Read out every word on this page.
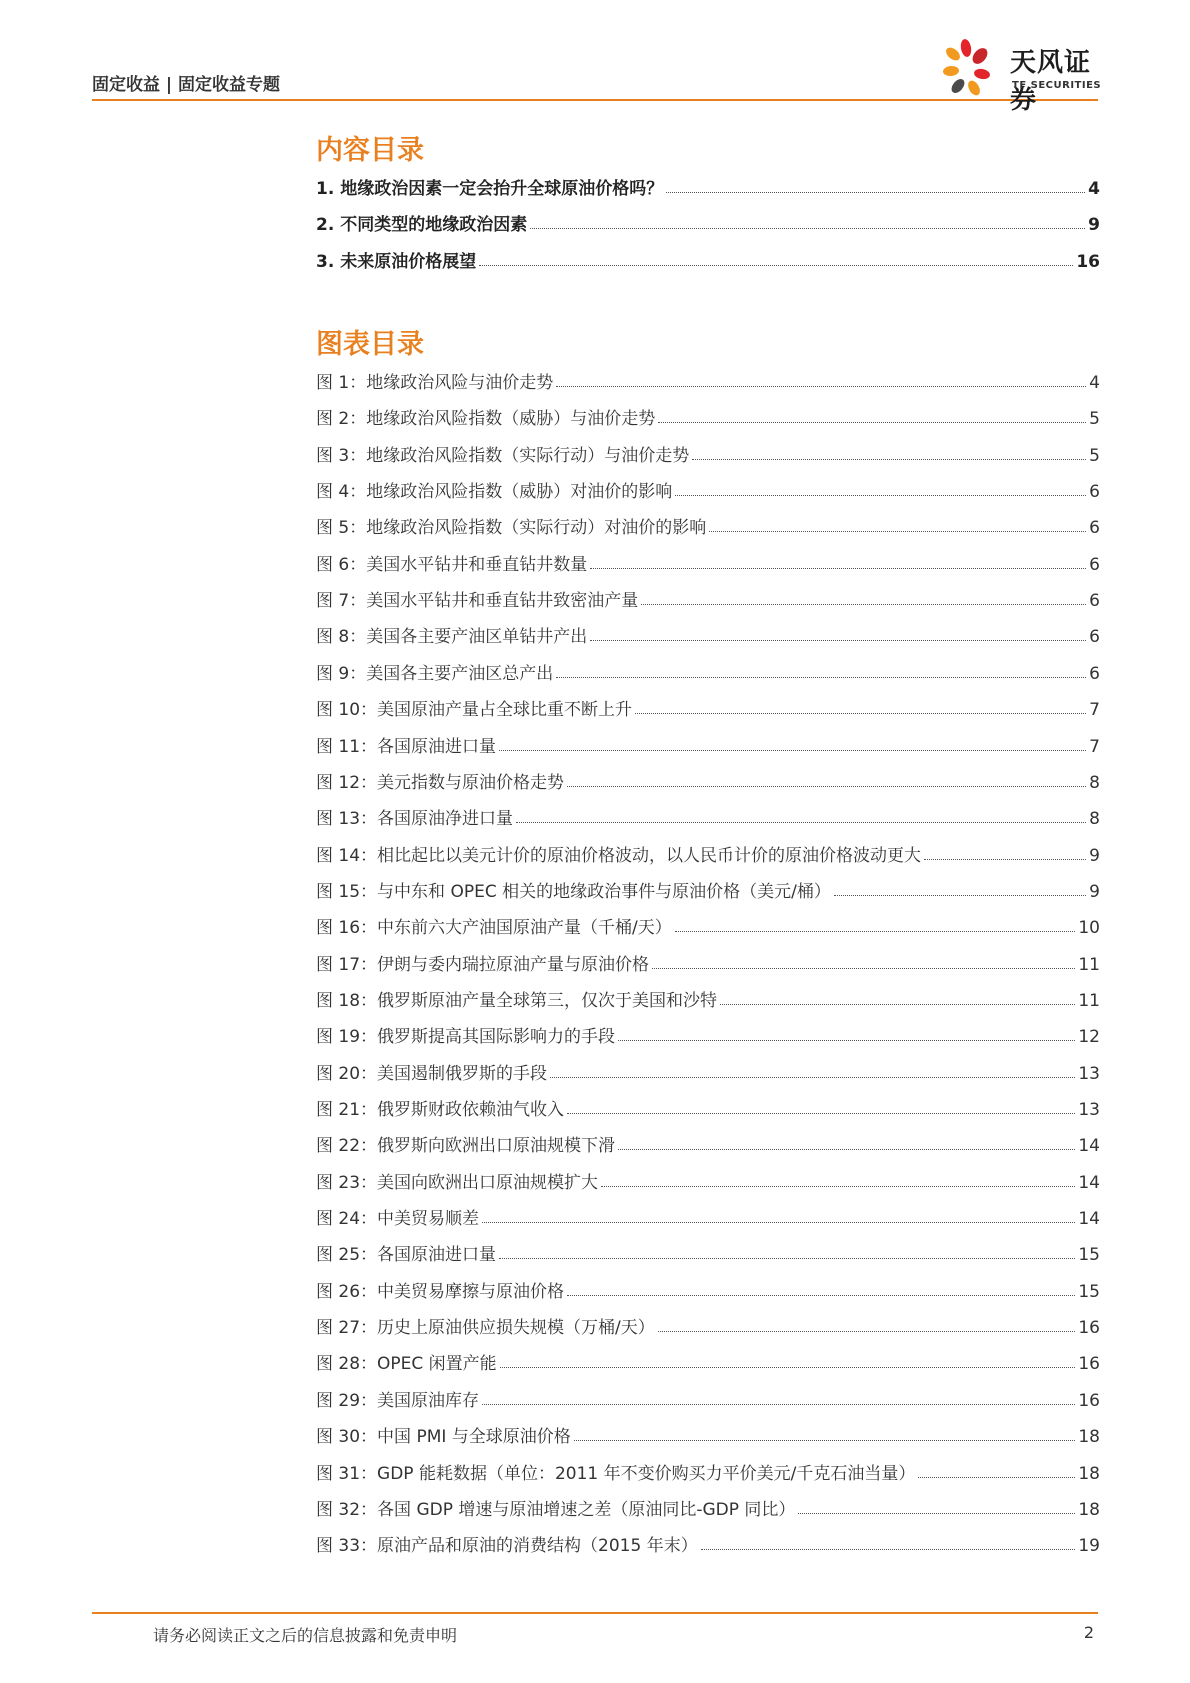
固定收益 | 固定收益专题
天风证券
TF SECURITIES
内容目录
1. 地缘政治因素一定会抬升全球原油价格吗？	4
2. 不同类型的地缘政治因素	9
3. 未来原油价格展望	16
图表目录
图 1：地缘政治风险与油价走势	4
图 2：地缘政治风险指数（威胁）与油价走势	5
图 3：地缘政治风险指数（实际行动）与油价走势	5
图 4：地缘政治风险指数（威胁）对油价的影响	6
图 5：地缘政治风险指数（实际行动）对油价的影响	6
图 6：美国水平钻井和垂直钻井数量	6
图 7：美国水平钻井和垂直钻井致密油产量	6
图 8：美国各主要产油区单钻井产出	6
图 9：美国各主要产油区总产出	6
图 10：美国原油产量占全球比重不断上升	7
图 11：各国原油进口量	7
图 12：美元指数与原油价格走势	8
图 13：各国原油净进口量	8
图 14：相比起比以美元计价的原油价格波动，以人民币计价的原油价格波动更大	9
图 15：与中东和 OPEC 相关的地缘政治事件与原油价格（美元/桶）	9
图 16：中东前六大产油国原油产量（千桶/天）	10
图 17：伊朗与委内瑞拉原油产量与原油价格	11
图 18：俄罗斯原油产量全球第三，仅次于美国和沙特	11
图 19：俄罗斯提高其国际影响力的手段	12
图 20：美国遏制俄罗斯的手段	13
图 21：俄罗斯财政依赖油气收入	13
图 22：俄罗斯向欧洲出口原油规模下滑	14
图 23：美国向欧洲出口原油规模扩大	14
图 24：中美贸易顺差	14
图 25：各国原油进口量	15
图 26：中美贸易摩擦与原油价格	15
图 27：历史上原油供应损失规模（万桶/天）	16
图 28：OPEC 闲置产能	16
图 29：美国原油库存	16
图 30：中国 PMI 与全球原油价格	18
图 31：GDP 能耗数据（单位：2011 年不变价购买力平价美元/千克石油当量）	18
图 32：各国 GDP 增速与原油增速之差（原油同比-GDP 同比）	18
图 33：原油产品和原油的消费结构（2015 年末）	19
请务必阅读正文之后的信息披露和免责申明	2
